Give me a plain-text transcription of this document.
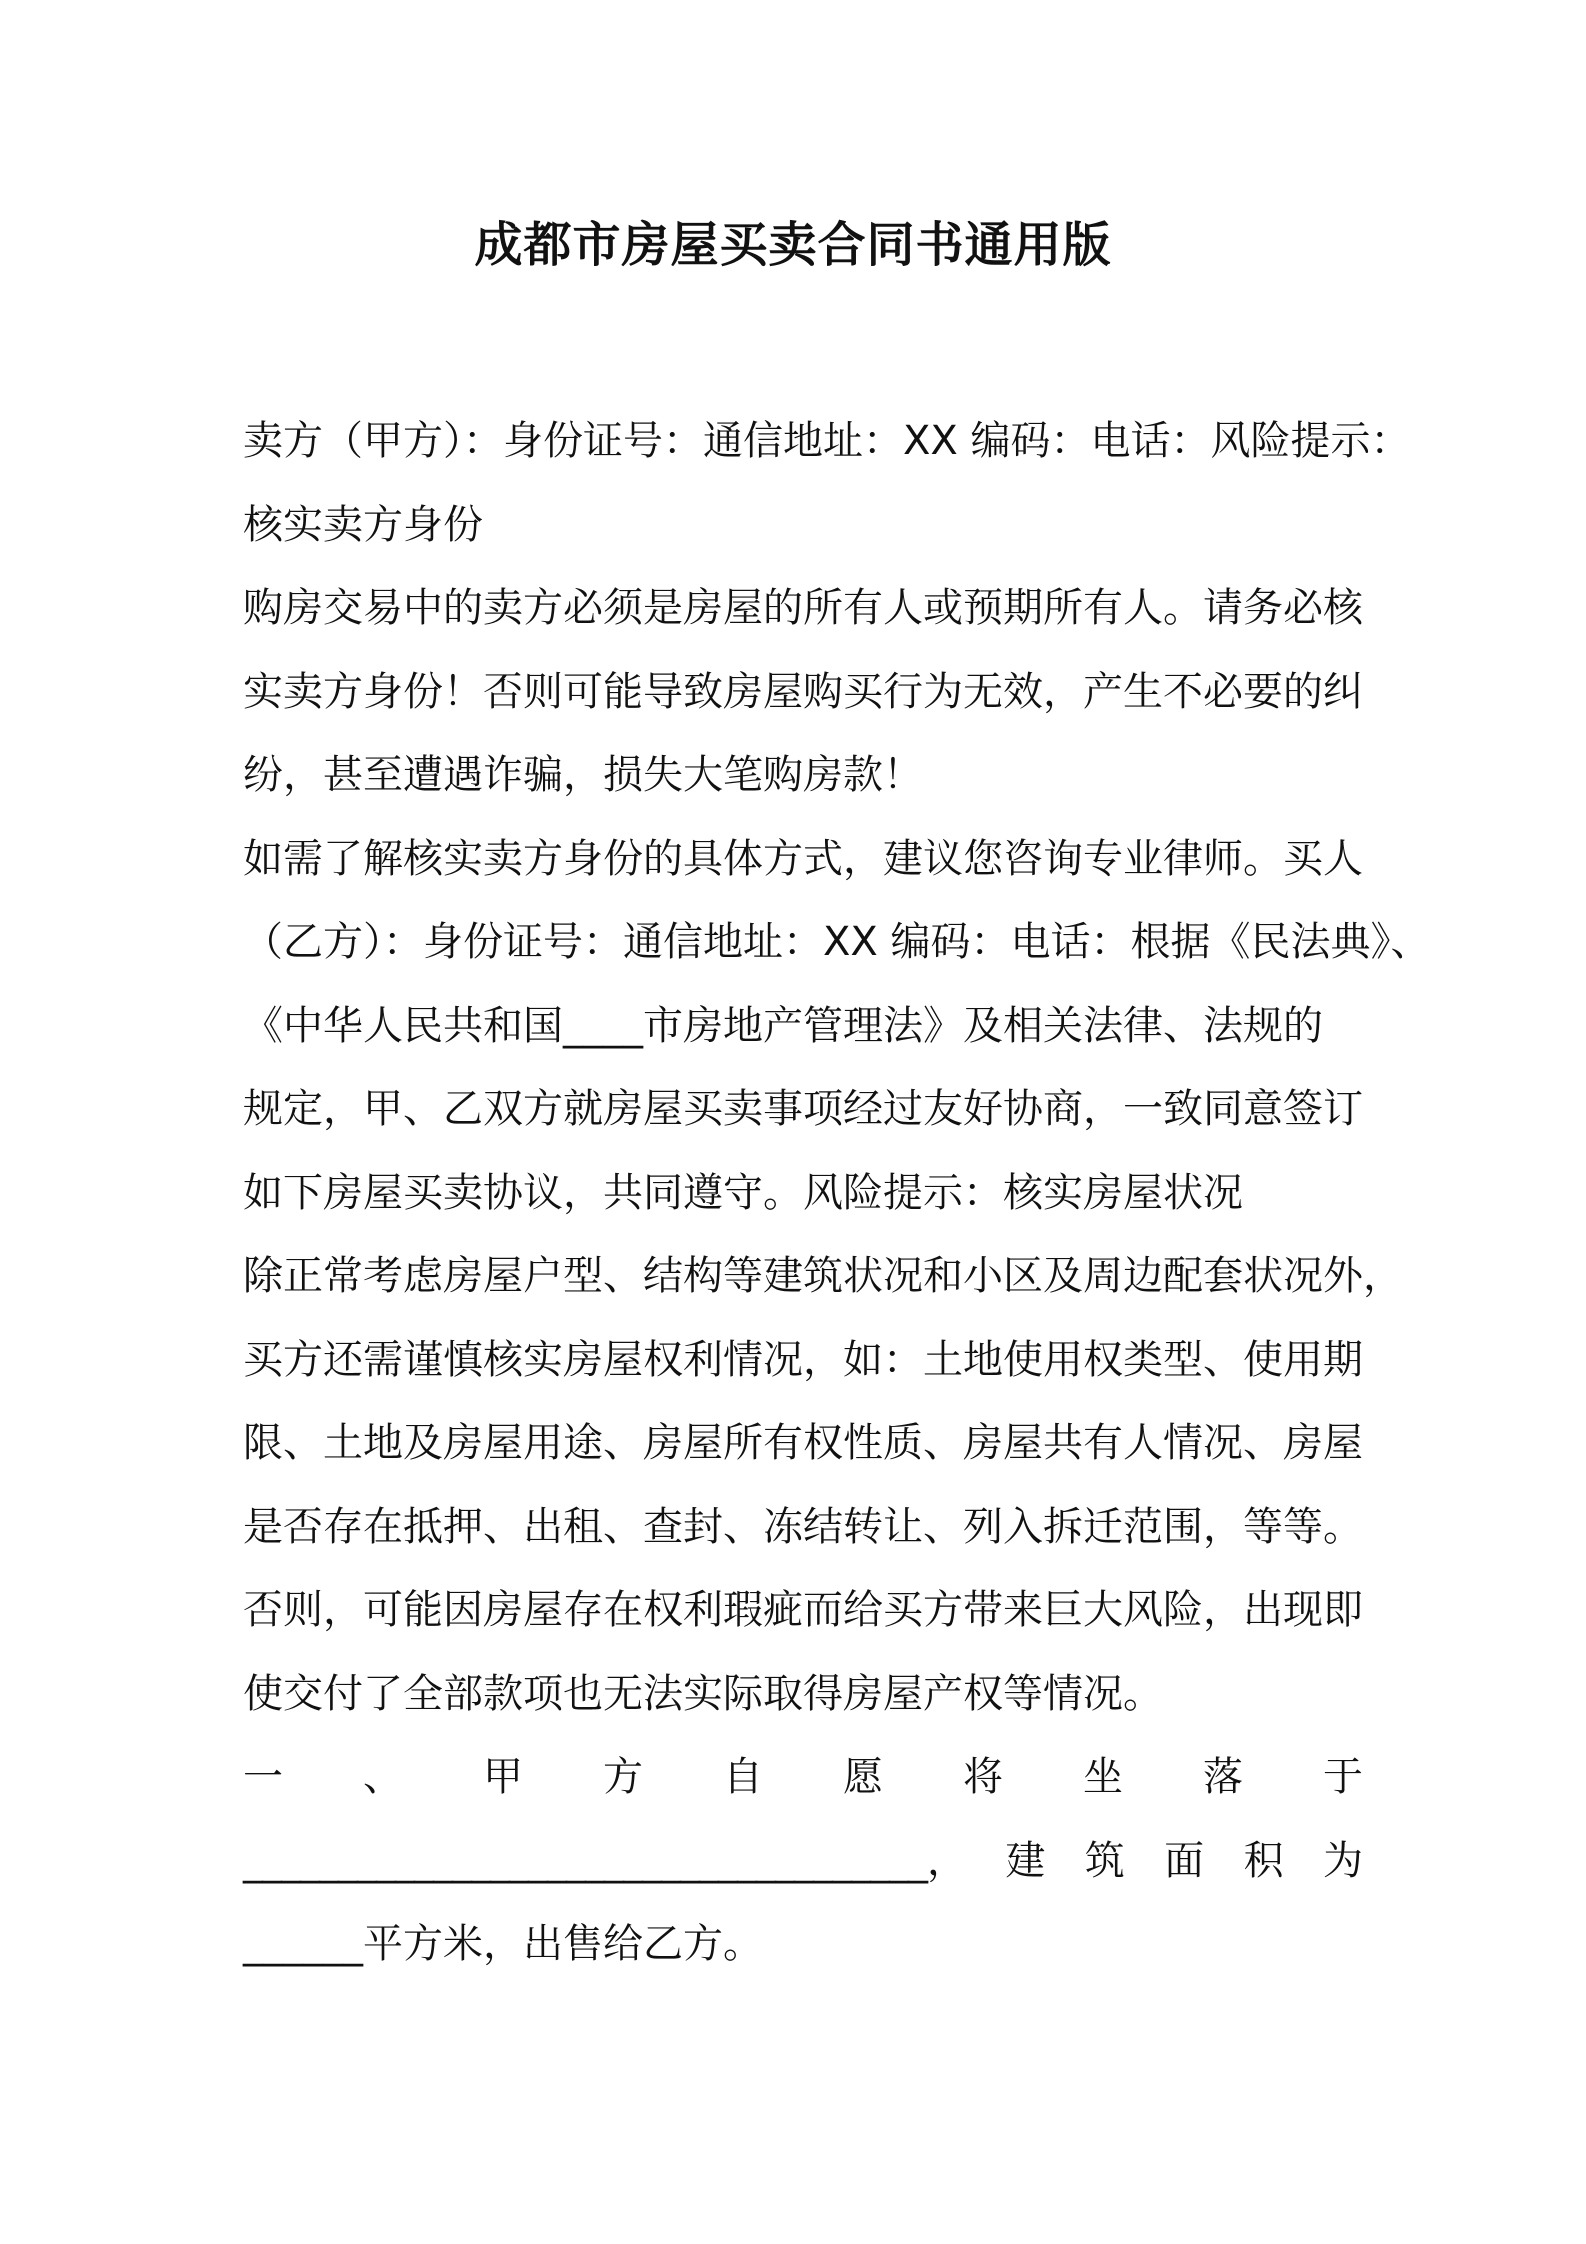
成都市房屋买卖合同书通用版
卖方（甲方）：身份证号：通信地址：XX 编码：电话：风险提示：
核实卖方身份
购房交易中的卖方必须是房屋的所有人或预期所有人。请务必核
实卖方身份！否则可能导致房屋购买行为无效，产生不必要的纠
纷，甚至遭遇诈骗，损失大笔购房款！
如需了解核实卖方身份的具体方式，建议您咨询专业律师。买人
（乙方）：身份证号：通信地址：XX 编码：电话：根据《民法典》、
《中华人民共和国____市房地产管理法》及相关法律、法规的
规定，甲、乙双方就房屋买卖事项经过友好协商，一致同意签订
如下房屋买卖协议，共同遵守。风险提示：核实房屋状况
除正常考虑房屋户型、结构等建筑状况和小区及周边配套状况外，
买方还需谨慎核实房屋权利情况，如：土地使用权类型、使用期
限、土地及房屋用途、房屋所有权性质、房屋共有人情况、房屋
是否存在抵押、出租、查封、冻结转让、列入拆迁范围，等等。
否则，可能因房屋存在权利瑕疵而给买方带来巨大风险，出现即
使交付了全部款项也无法实际取得房屋产权等情况。
一 、 甲 方 自 愿 将 坐 落 于
____________________________________， 建 筑 面 积 为
______平方米，出售给乙方。
